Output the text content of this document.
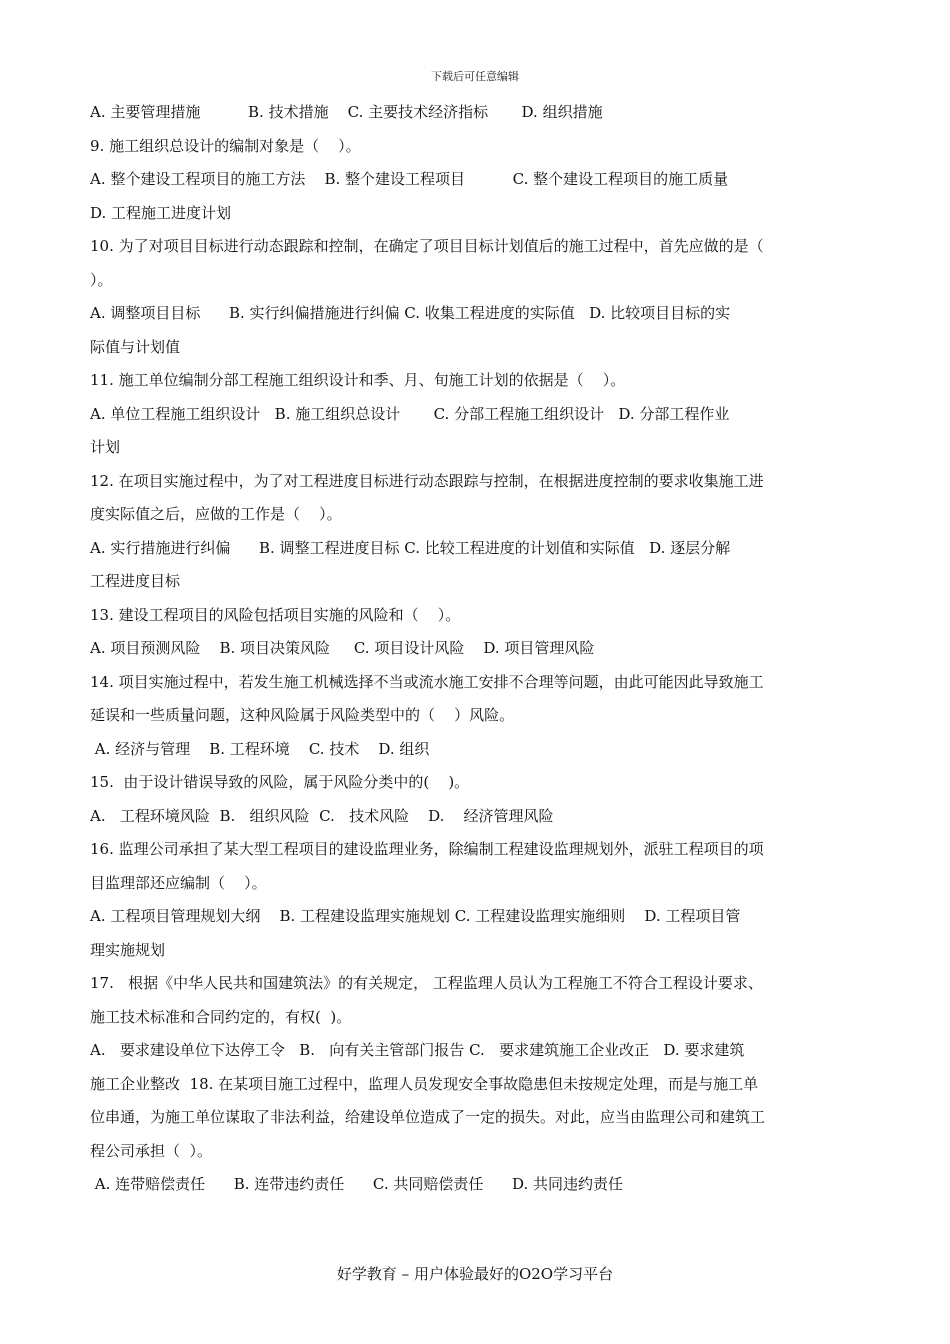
下载后可任意编辑
A. 主要管理措施          B. 技术措施    C. 主要技术经济指标       D. 组织措施
9. 施工组织总设计的编制对象是（    ）。
A. 整个建设工程项目的施工方法    B. 整个建设工程项目          C. 整个建设工程项目的施工质量
D. 工程施工进度计划
10. 为了对项目目标进行动态跟踪和控制，在确定了项目目标计划值后的施工过程中，首先应做的是（
）。
A. 调整项目目标      B. 实行纠偏措施进行纠偏 C. 收集工程进度的实际值   D. 比较项目目标的实
际值与计划值
11. 施工单位编制分部工程施工组织设计和季、月、旬施工计划的依据是（    ）。
A. 单位工程施工组织设计   B. 施工组织总设计       C. 分部工程施工组织设计   D. 分部工程作业
计划
12. 在项目实施过程中，为了对工程进度目标进行动态跟踪与控制，在根据进度控制的要求收集施工进
度实际值之后，应做的工作是（    ）。
A. 实行措施进行纠偏      B. 调整工程进度目标 C. 比较工程进度的计划值和实际值   D. 逐层分解
工程进度目标
13. 建设工程项目的风险包括项目实施的风险和（    ）。
A. 项目预测风险    B. 项目决策风险     C. 项目设计风险    D. 项目管理风险
14. 项目实施过程中，若发生施工机械选择不当或流水施工安排不合理等问题，由此可能因此导致施工
延误和一些质量问题，这种风险属于风险类型中的（    ）风险。
A. 经济与管理    B. 工程环境    C. 技术    D. 组织
15.  由于设计错误导致的风险，属于风险分类中的(    )。
A.   工程环境风险  B.   组织风险  C.   技术风险    D.    经济管理风险
16. 监理公司承担了某大型工程项目的建设监理业务，除编制工程建设监理规划外，派驻工程项目的项
目监理部还应编制（    ）。
A. 工程项目管理规划大纲    B. 工程建设监理实施规划 C. 工程建设监理实施细则    D. 工程项目管
理实施规划
17.   根据《中华人民共和国建筑法》的有关规定， 工程监理人员认为工程施工不符合工程设计要求、
施工技术标准和合同约定的，有权(  )。
A.   要求建设单位下达停工令   B.   向有关主管部门报告 C.   要求建筑施工企业改正   D. 要求建筑
施工企业整改  18. 在某项目施工过程中，监理人员发现安全事故隐患但未按规定处理，而是与施工单
位串通，为施工单位谋取了非法利益，给建设单位造成了一定的损失。对此，应当由监理公司和建筑工
程公司承担（  ）。
A. 连带赔偿责任      B. 连带违约责任      C. 共同赔偿责任      D. 共同违约责任
好学教育 – 用户体验最好的O2O学习平台
